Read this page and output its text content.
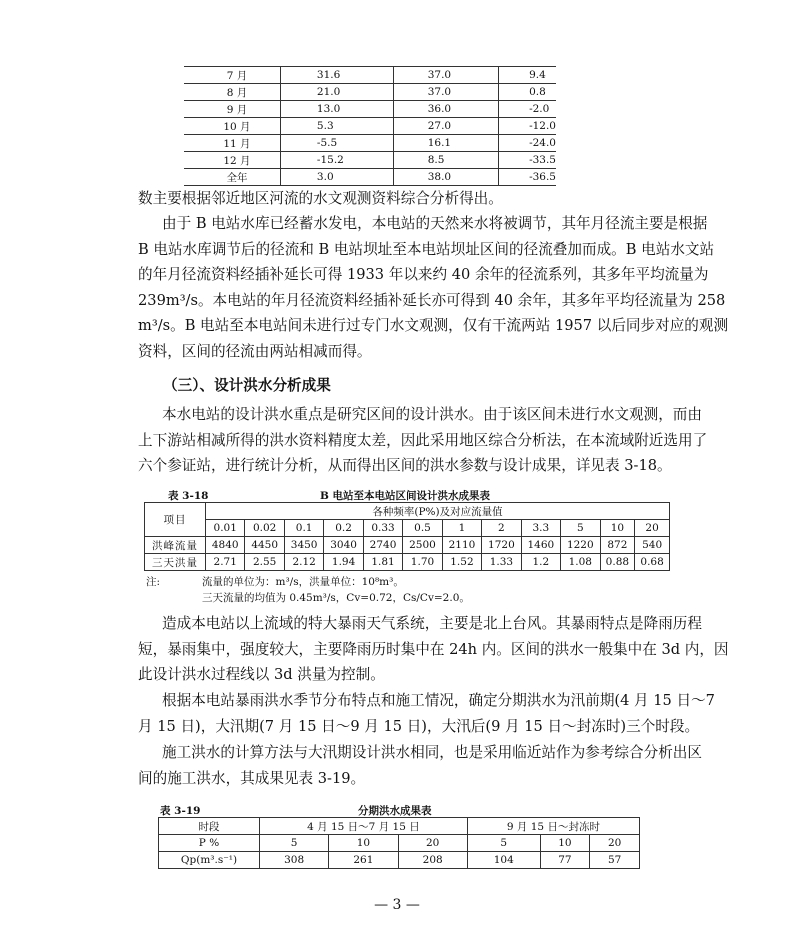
7 月	31.6	37.0	9.4
8 月	21.0	37.0	0.8
9 月	13.0	36.0	-2.0
10 月	5.3	27.0	-12.0
11 月	-5.5	16.1	-24.0
12 月	-15.2	8.5	-33.5
全年	3.0	38.0	-36.5
数主要根据邻近地区河流的水文观测资料综合分析得出。
由于 B 电站水库已经蓄水发电，本电站的天然来水将被调节，其年月径流主要是根据
B 电站水库调节后的径流和 B 电站坝址至本电站坝址区间的径流叠加而成。B 电站水文站
的年月径流资料经插补延长可得 1933 年以来约 40 余年的径流系列，其多年平均流量为
239m³/s。本电站的年月径流资料经插补延长亦可得到 40 余年，其多年平均径流量为 258
m³/s。B 电站至本电站间未进行过专门水文观测，仅有干流两站 1957 以后同步对应的观测
资料，区间的径流由两站相减而得。
（三）、设计洪水分析成果
本水电站的设计洪水重点是研究区间的设计洪水。由于该区间未进行水文观测，而由
上下游站相减所得的洪水资料精度太差，因此采用地区综合分析法，在本流域附近选用了
六个参证站，进行统计分析，从而得出区间的洪水参数与设计成果，详见表 3-18。
表 3-18	B 电站至本电站区间设计洪水成果表
项目	各种频率(P%)及对应流量值											
	0.01	0.02	0.1	0.2	0.33	0.5	1	2	3.3	5	10	20
洪峰流量	4840	4450	3450	3040	2740	2500	2110	1720	1460	1220	872	540
三天洪量	2.71	2.55	2.12	1.94	1.81	1.70	1.52	1.33	1.2	1.08	0.88	0.68
注:	流量的单位为：m³/s，洪量单位：10⁸m³。
三天流量的均值为 0.45m³/s，Cv=0.72，Cs/Cv=2.0。
造成本电站以上流域的特大暴雨天气系统，主要是北上台风。其暴雨特点是降雨历程
短，暴雨集中，强度较大，主要降雨历时集中在 24h 内。区间的洪水一般集中在 3d 内，因
此设计洪水过程线以 3d 洪量为控制。
根据本电站暴雨洪水季节分布特点和施工情况，确定分期洪水为汛前期(4 月 15 日～7
月 15 日)，大汛期(7 月 15 日～9 月 15 日)，大汛后(9 月 15 日～封冻时)三个时段。
施工洪水的计算方法与大汛期设计洪水相同，也是采用临近站作为参考综合分析出区
间的施工洪水，其成果见表 3-19。
表 3-19	分期洪水成果表
时段	4 月 15 日～7 月 15 日			9 月 15 日～封冻时		
P %	5	10	20	5	10	20
Qp(m³.s⁻¹)	308	261	208	104	77	57
— 3 —
